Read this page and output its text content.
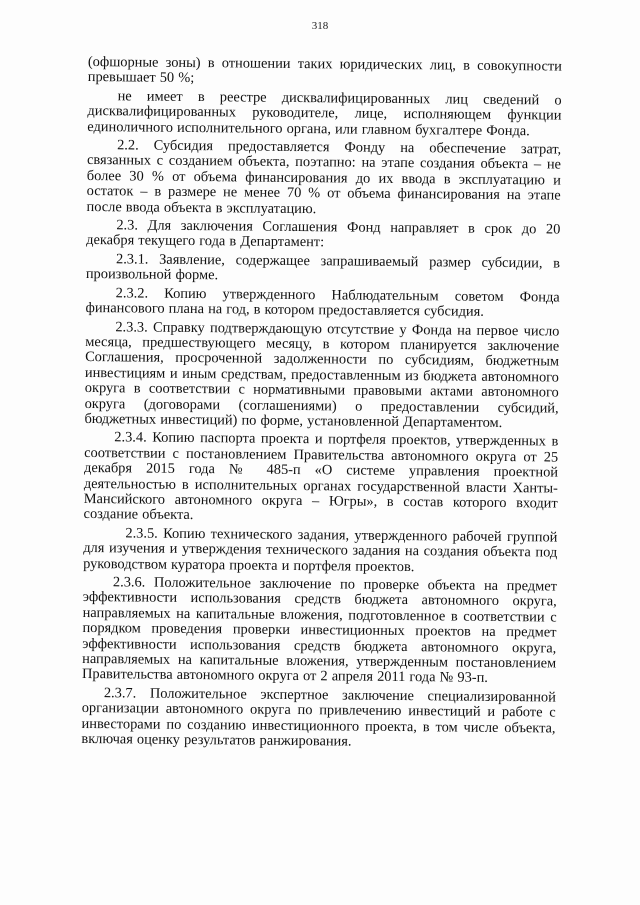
318

(офшорные зоны) в отношении таких юридических лиц, в совокупности превышает 50 %;

не имеет в реестре дисквалифицированных лиц сведений о дисквалифицированных руководителе, лице, исполняющем функции единоличного исполнительного органа, или главном бухгалтере Фонда.

2.2. Субсидия предоставляется Фонду на обеспечение затрат, связанных с созданием объекта, поэтапно: на этапе создания объекта – не более 30 % от объема финансирования до их ввода в эксплуатацию и остаток – в размере не менее 70 % от объема финансирования на этапе после ввода объекта в эксплуатацию.

2.3. Для заключения Соглашения Фонд направляет в срок до 20 декабря текущего года в Департамент:

2.3.1. Заявление, содержащее запрашиваемый размер субсидии, в произвольной форме.

2.3.2. Копию утвержденного Наблюдательным советом Фонда финансового плана на год, в котором предоставляется субсидия.

2.3.3. Справку подтверждающую отсутствие у Фонда на первое число месяца, предшествующего месяцу, в котором планируется заключение Соглашения, просроченной задолженности по субсидиям, бюджетным инвестициям и иным средствам, предоставленным из бюджета автономного округа в соответствии с нормативными правовыми актами автономного округа (договорами (соглашениями) о предоставлении субсидий, бюджетных инвестиций) по форме, установленной Департаментом.

2.3.4. Копию паспорта проекта и портфеля проектов, утвержденных в соответствии с постановлением Правительства автономного округа от 25 декабря 2015 года № 485-п «О системе управления проектной деятельностью в исполнительных органах государственной власти Ханты-Мансийского автономного округа – Югры», в состав которого входит создание объекта.

2.3.5. Копию технического задания, утвержденного рабочей группой для изучения и утверждения технического задания на создания объекта под руководством куратора проекта и портфеля проектов.

2.3.6. Положительное заключение по проверке объекта на предмет эффективности использования средств бюджета автономного округа, направляемых на капитальные вложения, подготовленное в соответствии с порядком проведения проверки инвестиционных проектов на предмет эффективности использования средств бюджета автономного округа, направляемых на капитальные вложения, утвержденным постановлением Правительства автономного округа от 2 апреля 2011 года № 93-п.

2.3.7. Положительное экспертное заключение специализированной организации автономного округа по привлечению инвестиций и работе с инвесторами по созданию инвестиционного проекта, в том числе объекта, включая оценку результатов ранжирования.
